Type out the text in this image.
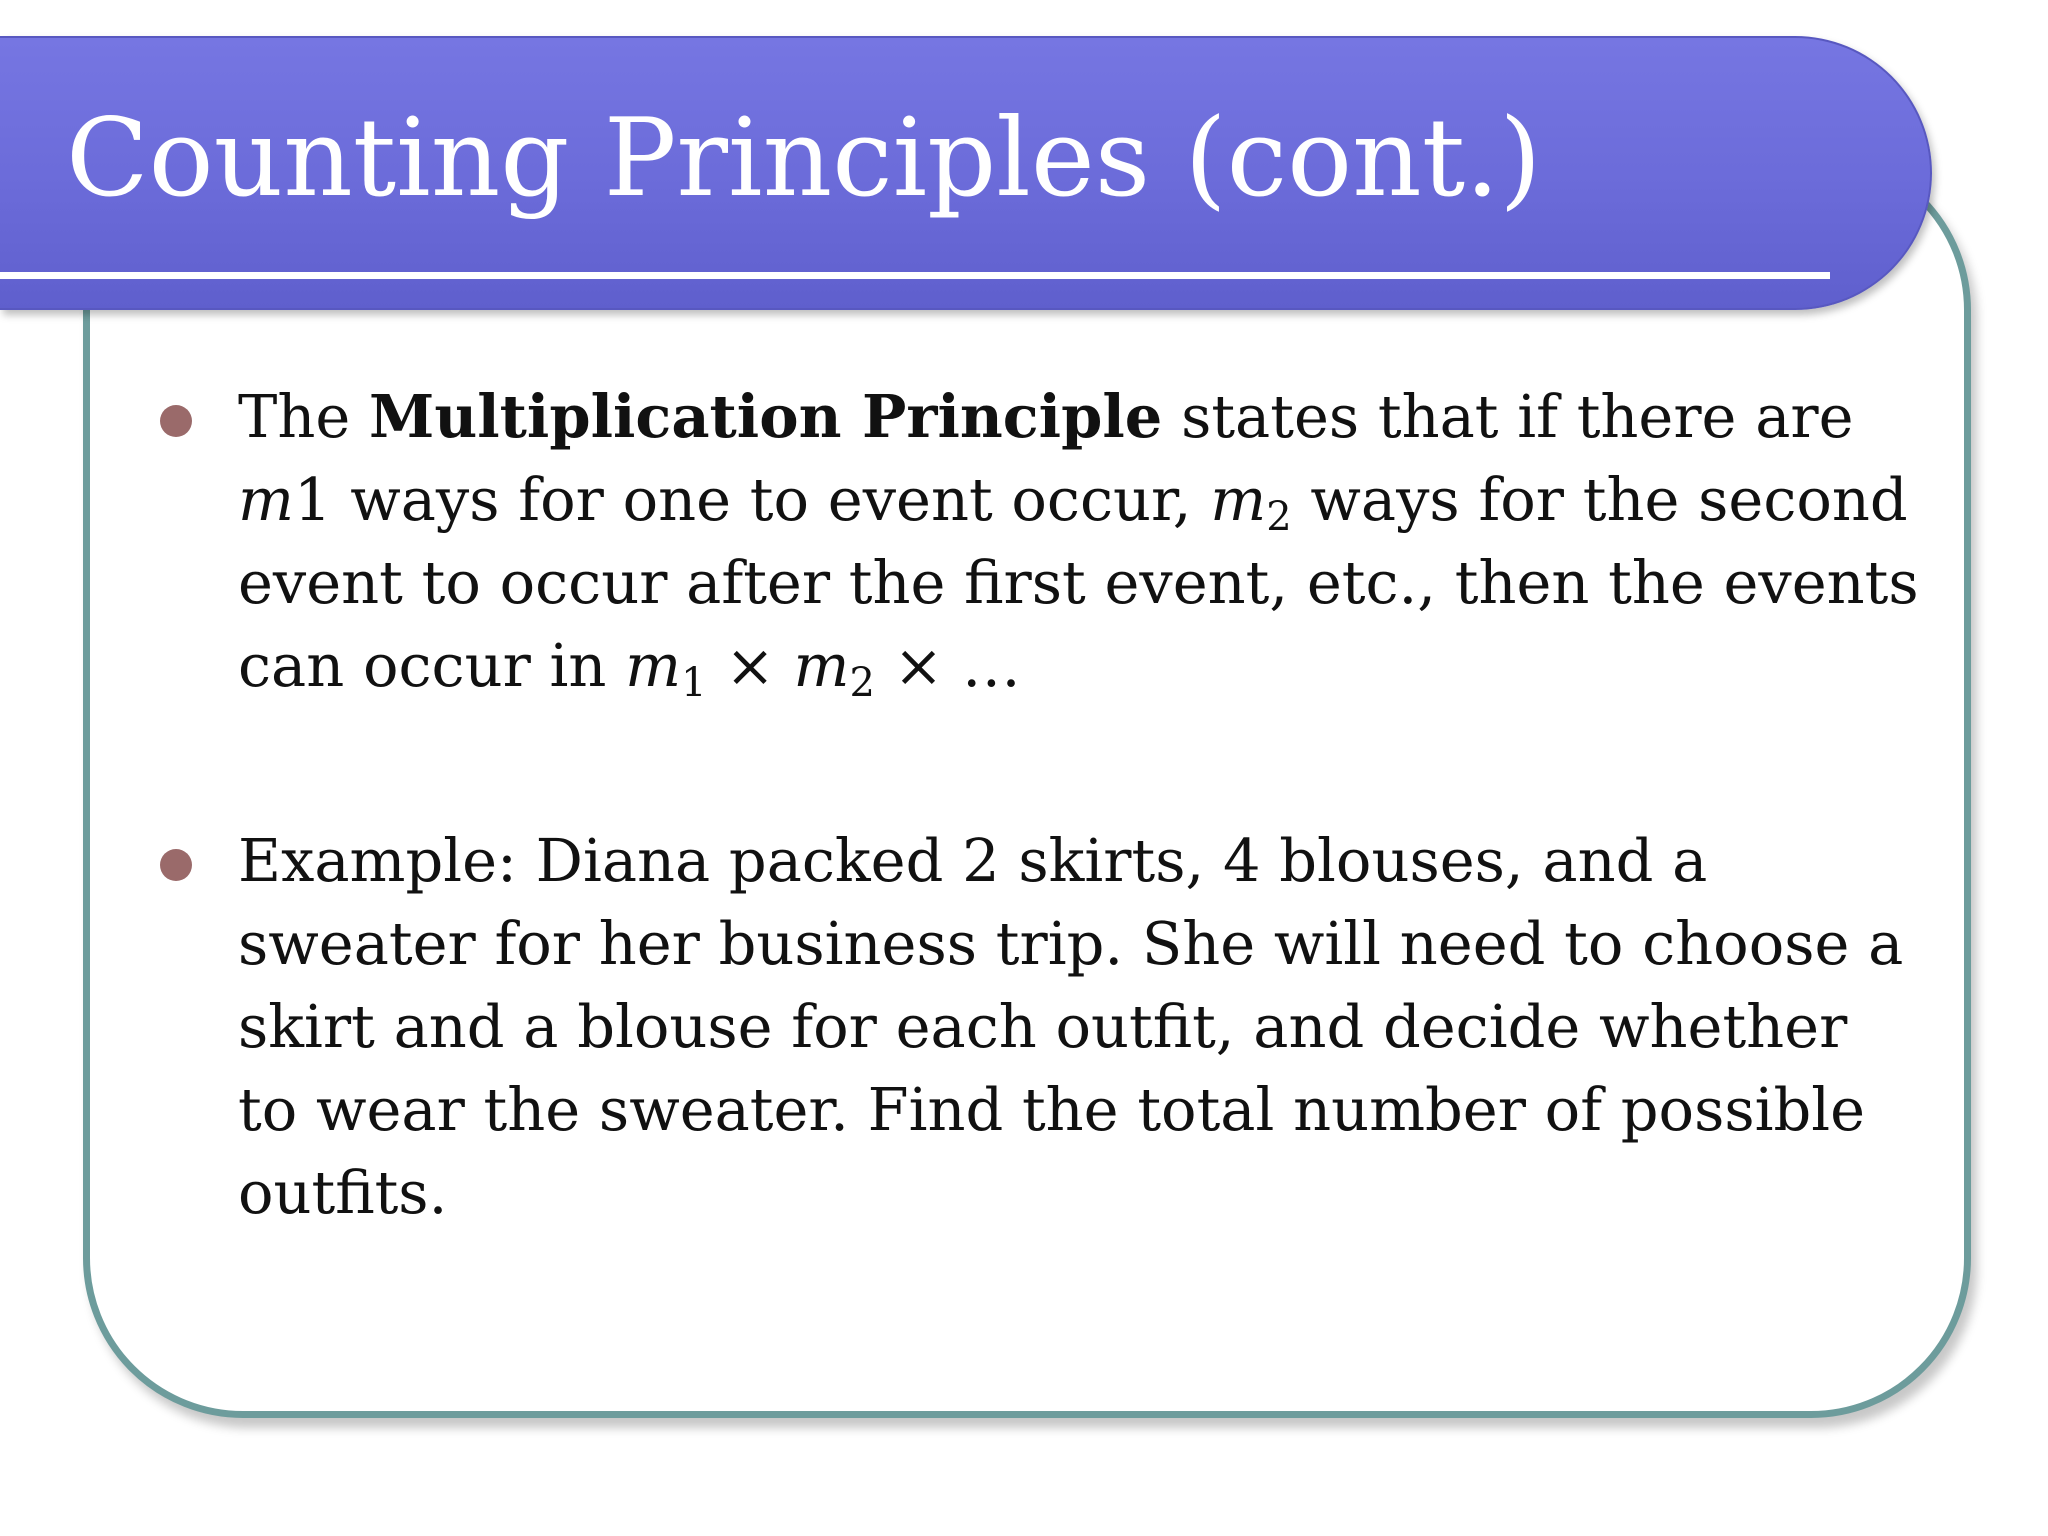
Counting Principles (cont.)
The Multiplication Principle states that if there are m1 ways for one to event occur, $m_2$ ways for the second event to occur after the first event, etc., then the events can occur in $m_1 \times m_2$ × …
Example: Diana packed 2 skirts, 4 blouses, and a sweater for her business trip. She will need to choose a skirt and a blouse for each outfit, and decide whether to wear the sweater. Find the total number of possible outfits.
